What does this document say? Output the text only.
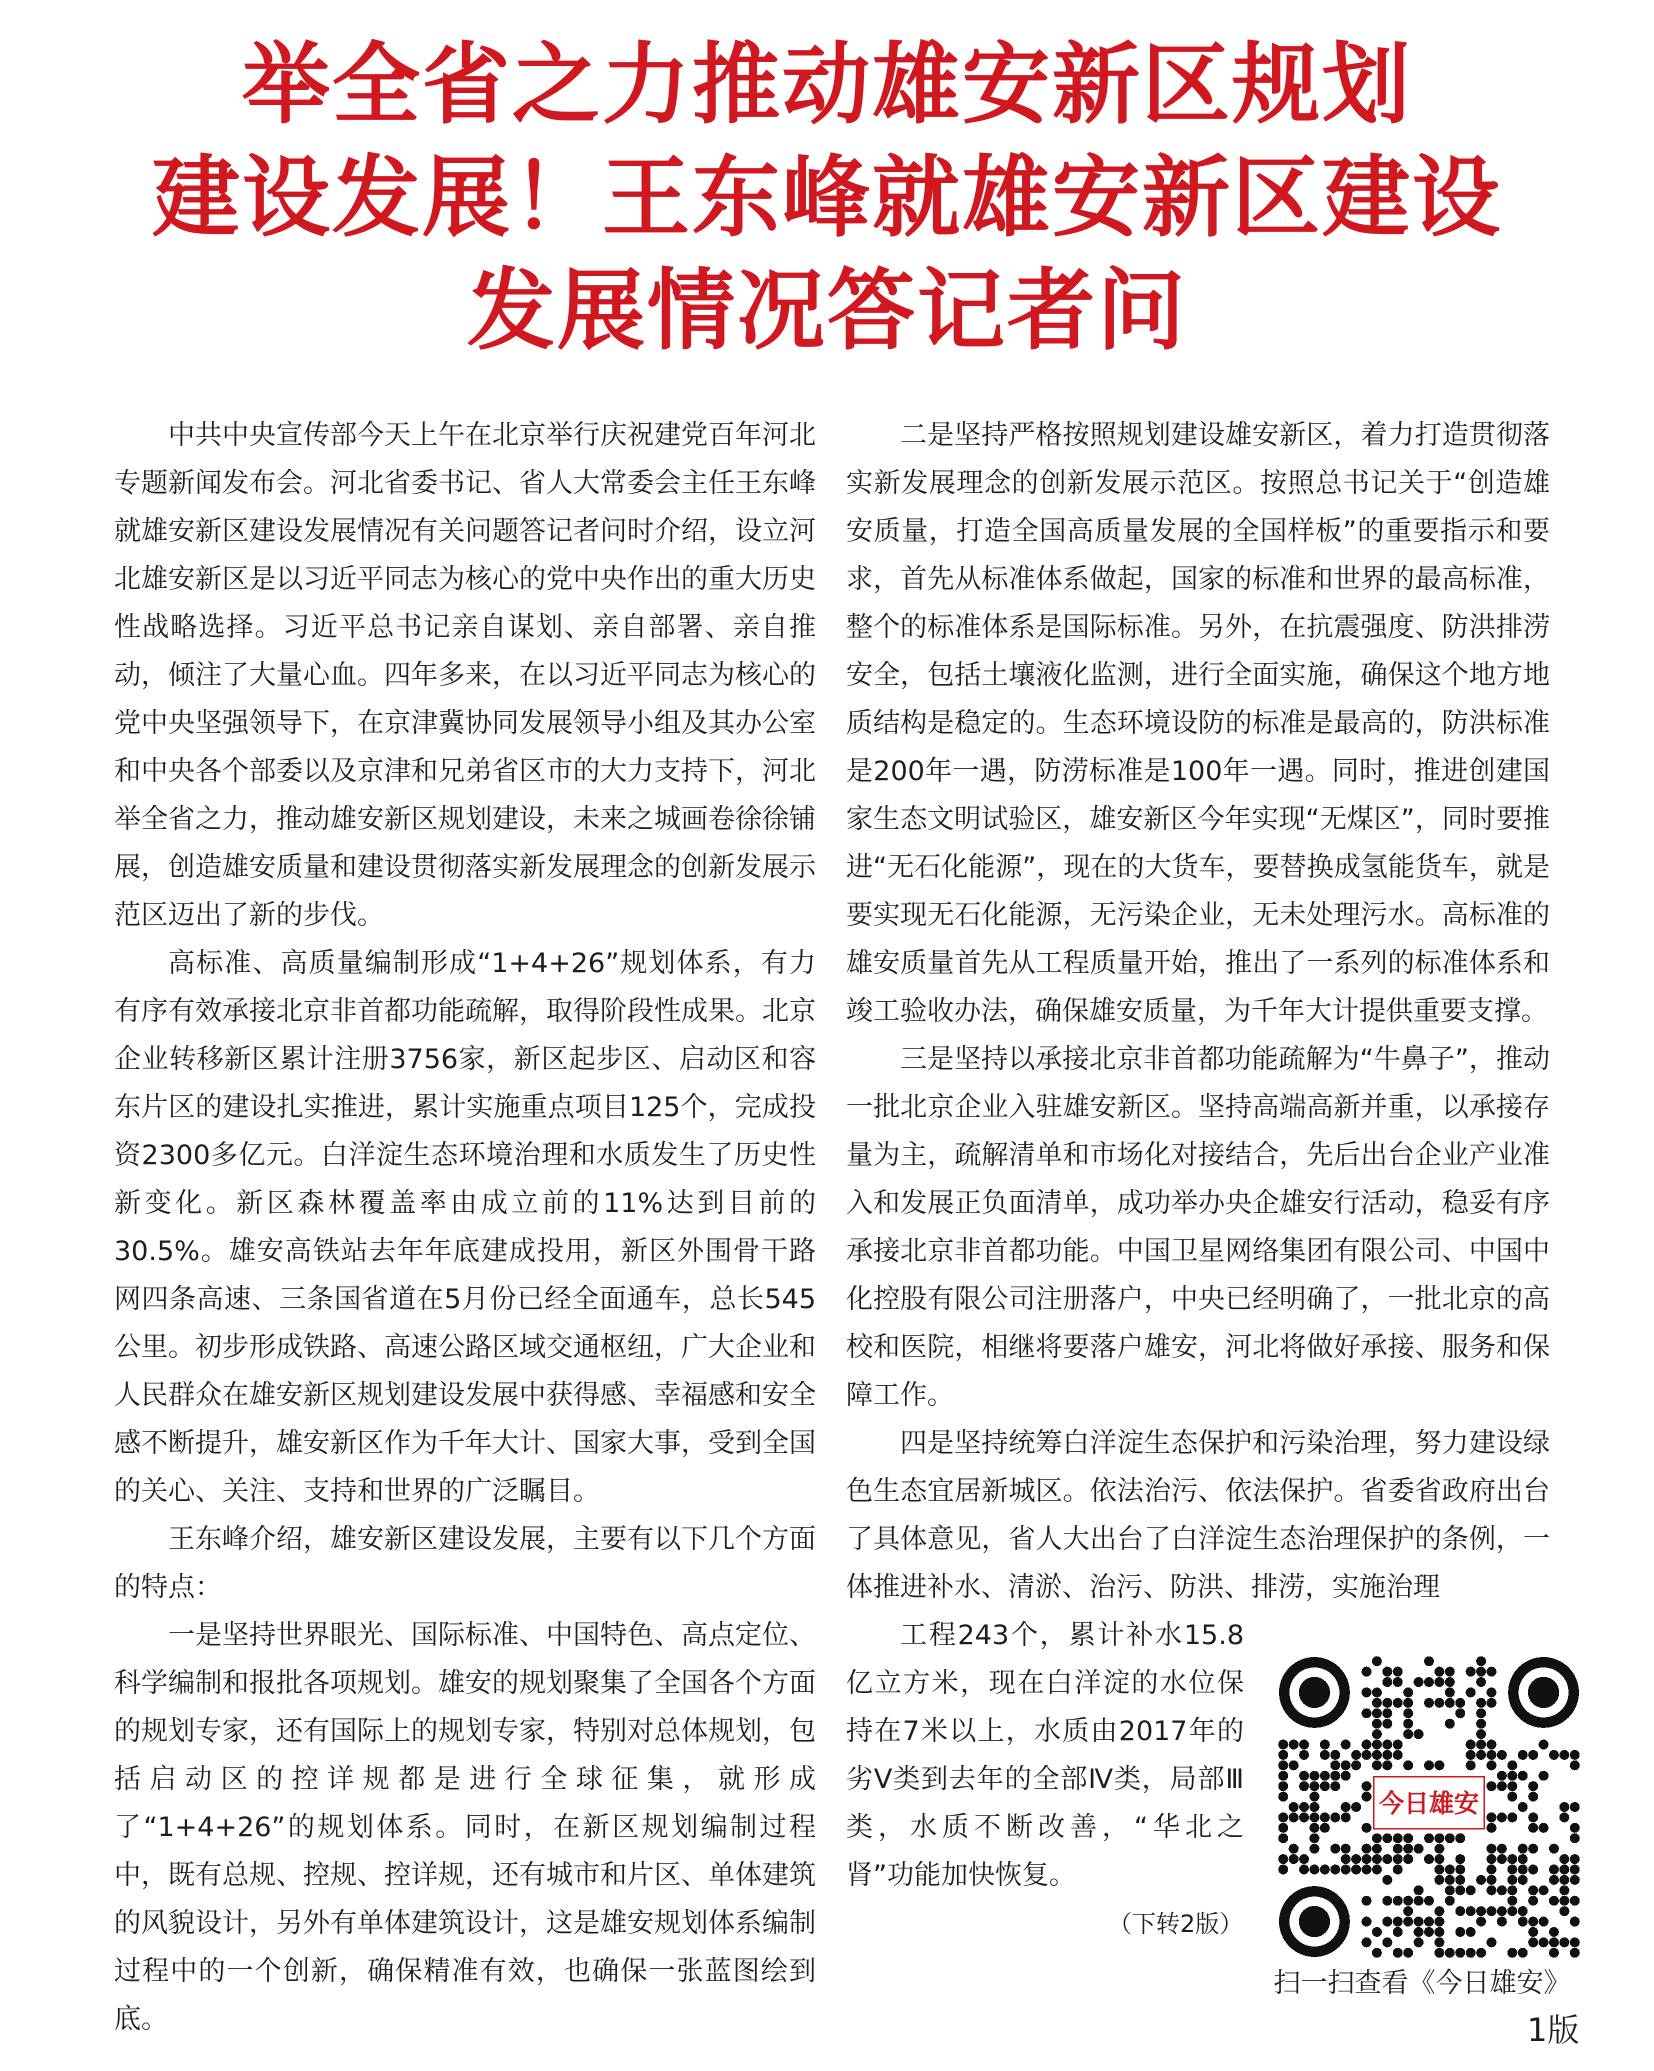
举全省之力推动雄安新区规划
建设发展！王东峰就雄安新区建设
发展情况答记者问

中共中央宣传部今天上午在北京举行庆祝建党百年河北专题新闻发布会。河北省委书记、省人大常委会主任王东峰就雄安新区建设发展情况有关问题答记者问时介绍，设立河北雄安新区是以习近平同志为核心的党中央作出的重大历史性战略选择。习近平总书记亲自谋划、亲自部署、亲自推动，倾注了大量心血。四年多来，在以习近平同志为核心的党中央坚强领导下，在京津冀协同发展领导小组及其办公室和中央各个部委以及京津和兄弟省区市的大力支持下，河北举全省之力，推动雄安新区规划建设，未来之城画卷徐徐铺展，创造雄安质量和建设贯彻落实新发展理念的创新发展示范区迈出了新的步伐。

高标准、高质量编制形成“1+4+26”规划体系，有力有序有效承接北京非首都功能疏解，取得阶段性成果。北京企业转移新区累计注册3756家，新区起步区、启动区和容东片区的建设扎实推进，累计实施重点项目125个，完成投资2300多亿元。白洋淀生态环境治理和水质发生了历史性新变化。新区森林覆盖率由成立前的11%达到目前的30.5%。雄安高铁站去年年底建成投用，新区外围骨干路网四条高速、三条国省道在5月份已经全面通车，总长545公里。初步形成铁路、高速公路区域交通枢纽，广大企业和人民群众在雄安新区规划建设发展中获得感、幸福感和安全感不断提升，雄安新区作为千年大计、国家大事，受到全国的关心、关注、支持和世界的广泛瞩目。

王东峰介绍，雄安新区建设发展，主要有以下几个方面的特点：

一是坚持世界眼光、国际标准、中国特色、高点定位、科学编制和报批各项规划。雄安的规划聚集了全国各个方面的规划专家，还有国际上的规划专家，特别对总体规划，包括启动区的控详规都是进行全球征集，就形成了“1+4+26”的规划体系。同时，在新区规划编制过程中，既有总规、控规、控详规，还有城市和片区、单体建筑的风貌设计，另外有单体建筑设计，这是雄安规划体系编制过程中的一个创新，确保精准有效，也确保一张蓝图绘到底。

二是坚持严格按照规划建设雄安新区，着力打造贯彻落实新发展理念的创新发展示范区。按照总书记关于“创造雄安质量，打造全国高质量发展的全国样板”的重要指示和要求，首先从标准体系做起，国家的标准和世界的最高标准，整个的标准体系是国际标准。另外，在抗震强度、防洪排涝安全，包括土壤液化监测，进行全面实施，确保这个地方地质结构是稳定的。生态环境设防的标准是最高的，防洪标准是200年一遇，防涝标准是100年一遇。同时，推进创建国家生态文明试验区，雄安新区今年实现“无煤区”，同时要推进“无石化能源”，现在的大货车，要替换成氢能货车，就是要实现无石化能源，无污染企业，无未处理污水。高标准的雄安质量首先从工程质量开始，推出了一系列的标准体系和竣工验收办法，确保雄安质量，为千年大计提供重要支撑。

三是坚持以承接北京非首都功能疏解为“牛鼻子”，推动一批北京企业入驻雄安新区。坚持高端高新并重，以承接存量为主，疏解清单和市场化对接结合，先后出台企业产业准入和发展正负面清单，成功举办央企雄安行活动，稳妥有序承接北京非首都功能。中国卫星网络集团有限公司、中国中化控股有限公司注册落户，中央已经明确了，一批北京的高校和医院，相继将要落户雄安，河北将做好承接、服务和保障工作。

四是坚持统筹白洋淀生态保护和污染治理，努力建设绿色生态宜居新城区。依法治污、依法保护。省委省政府出台了具体意见，省人大出台了白洋淀生态治理保护的条例，一体推进补水、清淤、治污、防洪、排涝，实施治理
工程243个，累计补水15.8亿立方米，现在白洋淀的水位保持在7米以上，水质由2017年的劣Ⅴ类到去年的全部Ⅳ类，局部Ⅲ类，水质不断改善，“华北之肾”功能加快恢复。

今日雄安
（下转2版）
扫一扫查看《今日雄安》
1版
